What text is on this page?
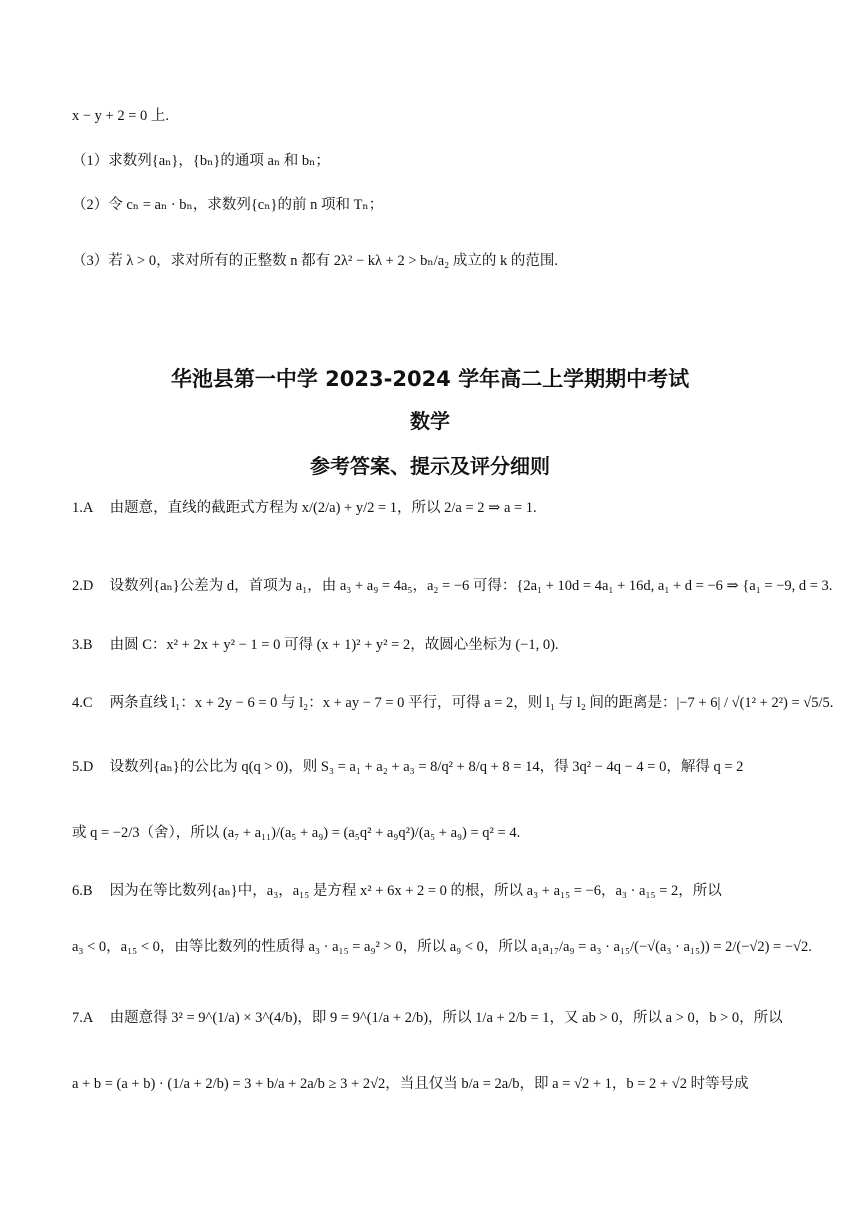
x − y + 2 = 0 上.
（1）求数列{aₙ}，{bₙ}的通项 aₙ 和 bₙ；
（2）令 cₙ = aₙ · bₙ，求数列{cₙ}的前 n 项和 Tₙ；
（3）若 λ > 0，求对所有的正整数 n 都有 2λ² − kλ + 2 > bₙ/a₂ 成立的 k 的范围.
华池县第一中学 2023-2024 学年高二上学期期中考试
数学
参考答案、提示及评分细则
1.A 由题意，直线的截距式方程为 x/(2/a) + y/2 = 1，所以 2/a = 2 ⇒ a = 1.
2.D 设数列{aₙ}公差为 d，首项为 a₁，由 a₃ + a₉ = 4a₅，a₂ = −6 可得：{2a₁ + 10d = 4a₁ + 16d, a₁ + d = −6 ⇒ {a₁ = −9, d = 3.
3.B 由圆 C：x² + 2x + y² − 1 = 0 可得 (x + 1)² + y² = 2，故圆心坐标为 (−1, 0).
4.C 两条直线 l₁：x + 2y − 6 = 0 与 l₂：x + ay − 7 = 0 平行，可得 a = 2，则 l₁ 与 l₂ 间的距离是：|−7 + 6| / √(1² + 2²) = √5/5.
5.D 设数列{aₙ}的公比为 q(q > 0)，则 S₃ = a₁ + a₂ + a₃ = 8/q² + 8/q + 8 = 14，得 3q² − 4q − 4 = 0，解得 q = 2
或 q = −2/3（舍），所以 (a₇ + a₁₁)/(a₅ + a₉) = (a₅q² + a₉q²)/(a₅ + a₉) = q² = 4.
6.B 因为在等比数列{aₙ}中，a₃，a₁₅ 是方程 x² + 6x + 2 = 0 的根，所以 a₃ + a₁₅ = −6，a₃ · a₁₅ = 2，所以
a₃ < 0，a₁₅ < 0，由等比数列的性质得 a₃ · a₁₅ = a₉² > 0，所以 a₉ < 0，所以 a₁a₁₇/a₉ = a₃ · a₁₅/(−√(a₃ · a₁₅)) = 2/(−√2) = −√2.
7.A 由题意得 3² = 9^(1/a) × 3^(4/b)，即 9 = 9^(1/a + 2/b)，所以 1/a + 2/b = 1，又 ab > 0，所以 a > 0，b > 0，所以
a + b = (a + b) · (1/a + 2/b) = 3 + b/a + 2a/b ≥ 3 + 2√2，当且仅当 b/a = 2a/b，即 a = √2 + 1，b = 2 + √2 时等号成
